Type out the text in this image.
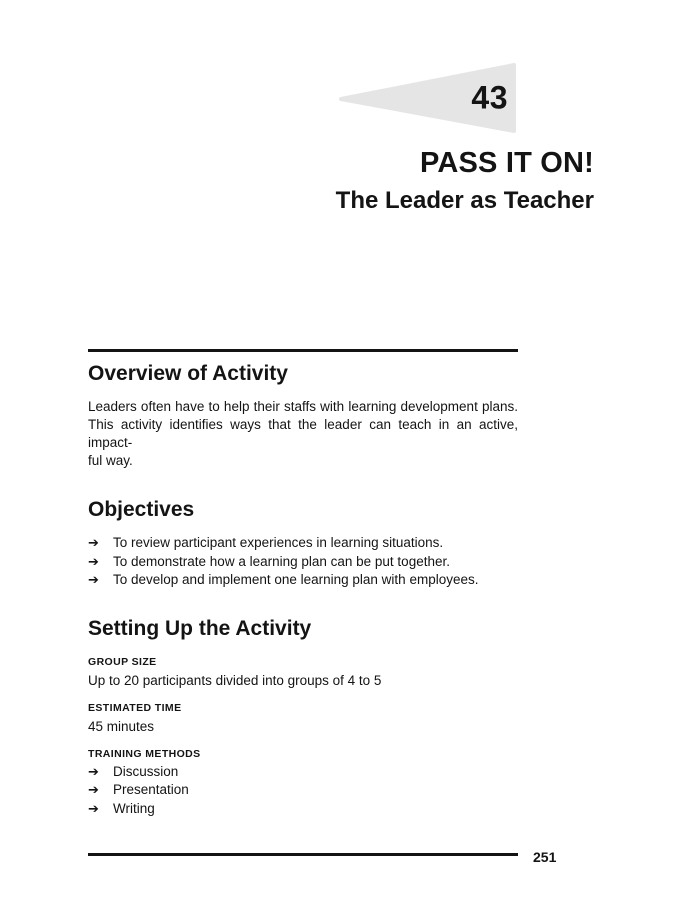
43
PASS IT ON!
The Leader as Teacher
Overview of Activity
Leaders often have to help their staffs with learning development plans.
This activity identifies ways that the leader can teach in an active, impact-
ful way.
Objectives
➔	To review participant experiences in learning situations.
➔	To demonstrate how a learning plan can be put together.
➔	To develop and implement one learning plan with employees.
Setting Up the Activity
GROUP SIZE
Up to 20 participants divided into groups of 4 to 5
ESTIMATED TIME
45 minutes
TRAINING METHODS
➔	Discussion
➔	Presentation
➔	Writing
251
